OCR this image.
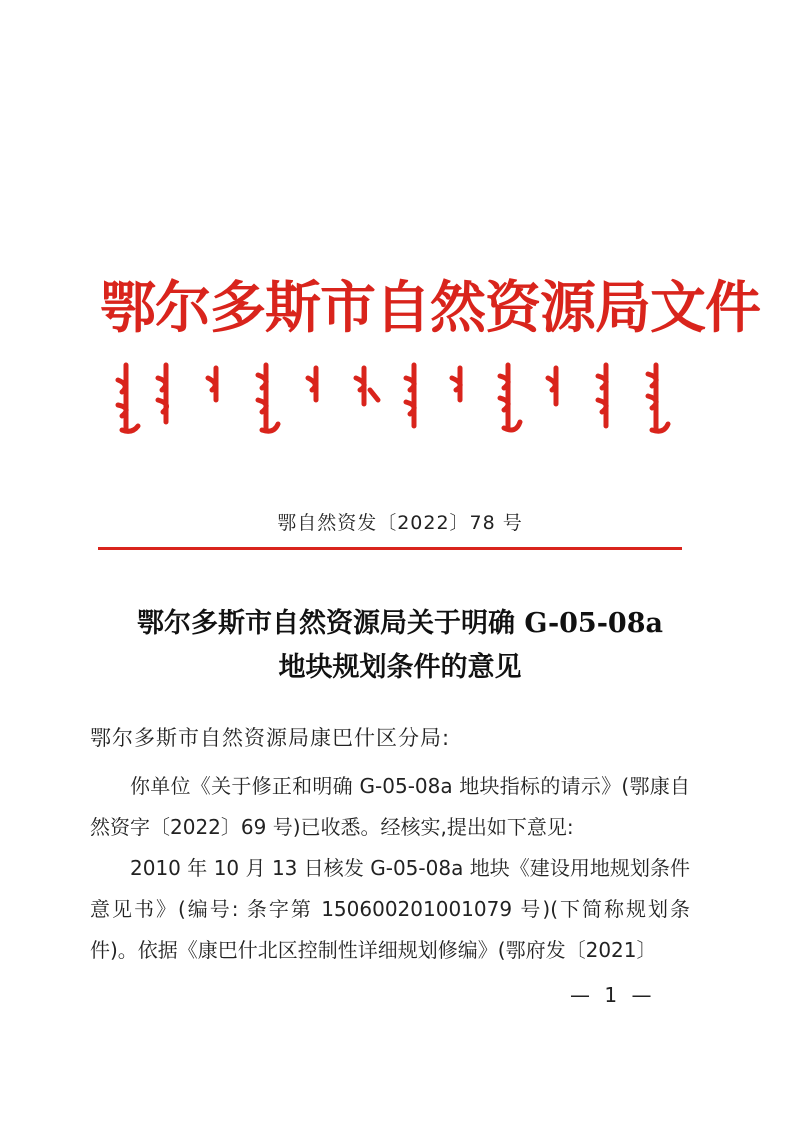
鄂尔多斯市自然资源局文件
鄂自然资发〔2022〕78 号
鄂尔多斯市自然资源局关于明确 G-05-08a
地块规划条件的意见
鄂尔多斯市自然资源局康巴什区分局:

你单位《关于修正和明确 G-05-08a 地块指标的请示》(鄂康自然资字〔2022〕69 号)已收悉。经核实,提出如下意见:

2010 年 10 月 13 日核发 G-05-08a 地块《建设用地规划条件意见书》(编号: 条字第 150600201001079 号)(下简称规划条件)。依据《康巴什北区控制性详细规划修编》(鄂府发〔2021〕

— 1 —
